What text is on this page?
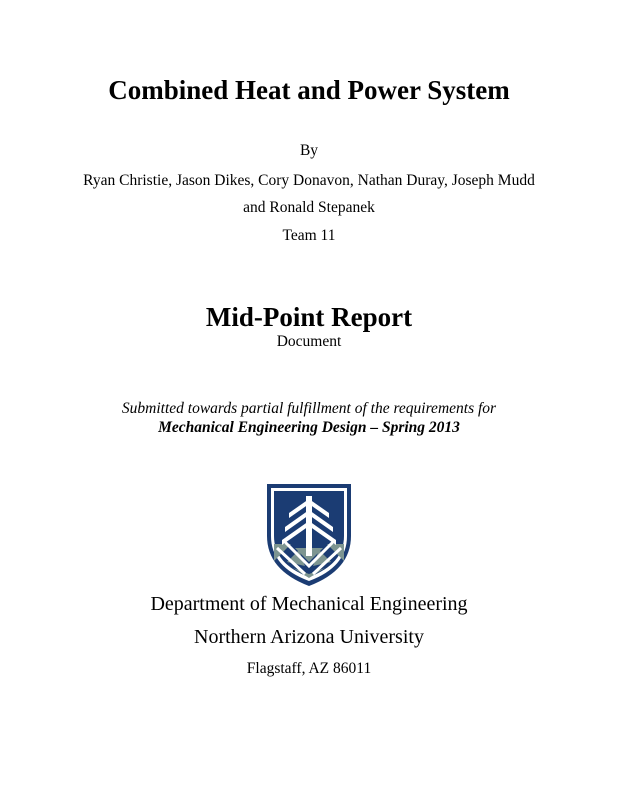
Combined Heat and Power System
By
Ryan Christie, Jason Dikes, Cory Donavon, Nathan Duray, Joseph Mudd
and Ronald Stepanek
Team 11
Mid-Point Report
Document
Submitted towards partial fulfillment of the requirements for
Mechanical Engineering Design – Spring 2013
Department of Mechanical Engineering
Northern Arizona University
Flagstaff, AZ 86011
